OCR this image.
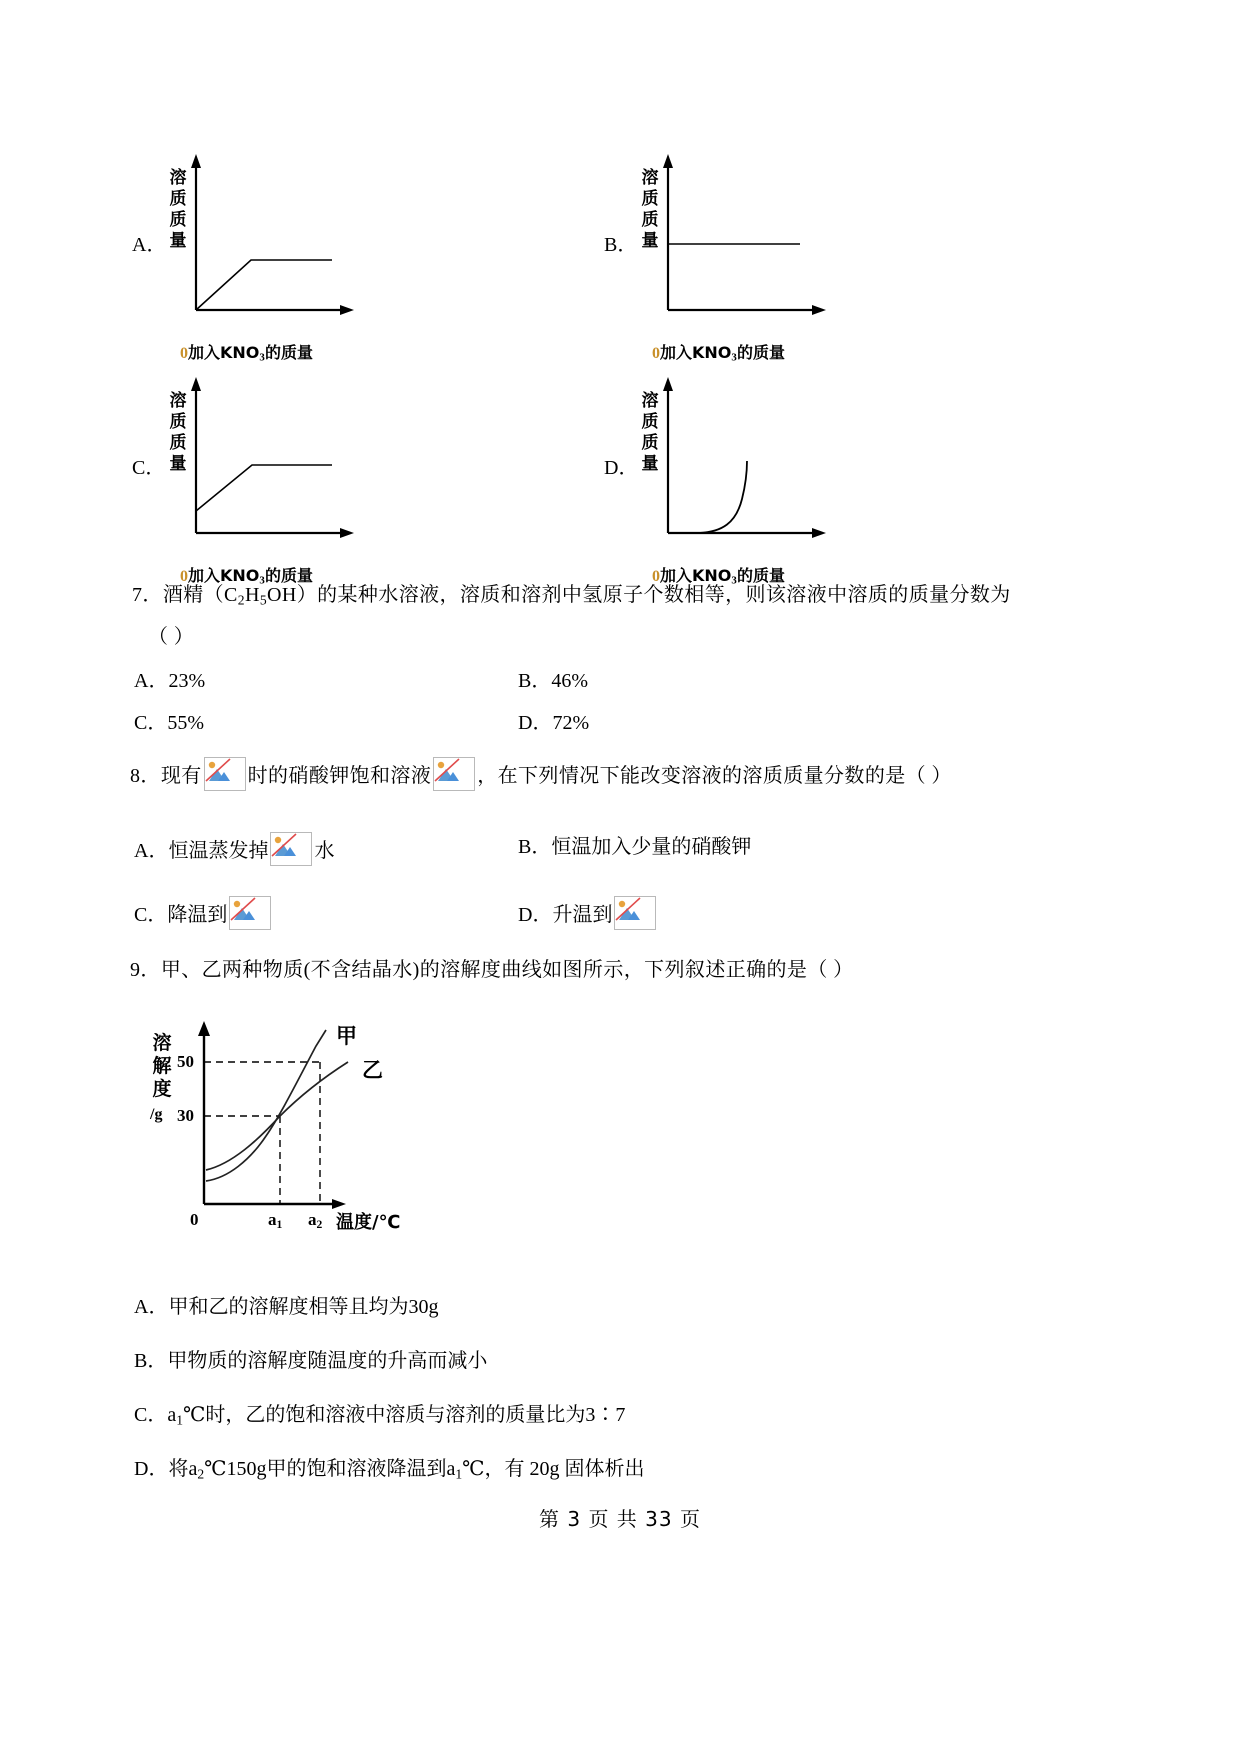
A．
溶质质量
0加入$KNO_3$的质量
B．
溶质质量
0加入$KNO_3$的质量
C．
溶质质量
0加入$KNO_3$的质量
D．
溶质质量
0加入$KNO_3$的质量
7．酒精$(C_2H_5OH)$的某种水溶液，溶质和溶剂中氢原子个数相等，则该溶液中溶质的质量分数为
（ ）
A．23%	B．46%
C．55%	D．72%
8．现有 时的硝酸钾饱和溶液 ，在下列情况下能改变溶液的溶质质量分数的是（ ）
A．恒温蒸发掉 水	B．恒温加入少量的硝酸钾
C．降温到	D．升温到
9．甲、乙两种物质(不含结晶水)的溶解度曲线如图所示，下列叙述正确的是（ ）
溶解度
/g
50
30
甲
乙
0	$a_1$ $a_2$ 温度/℃
A．甲和乙的溶解度相等且均为30g
B．甲物质的溶解度随温度的升高而减小
C．$a_1℃$时，乙的饱和溶液中溶质与溶剂的质量比为3∶7
D．将$a_2℃150g$甲的饱和溶液降温到$a_1℃$，有 20g 固体析出
第 3 页 共 33 页
